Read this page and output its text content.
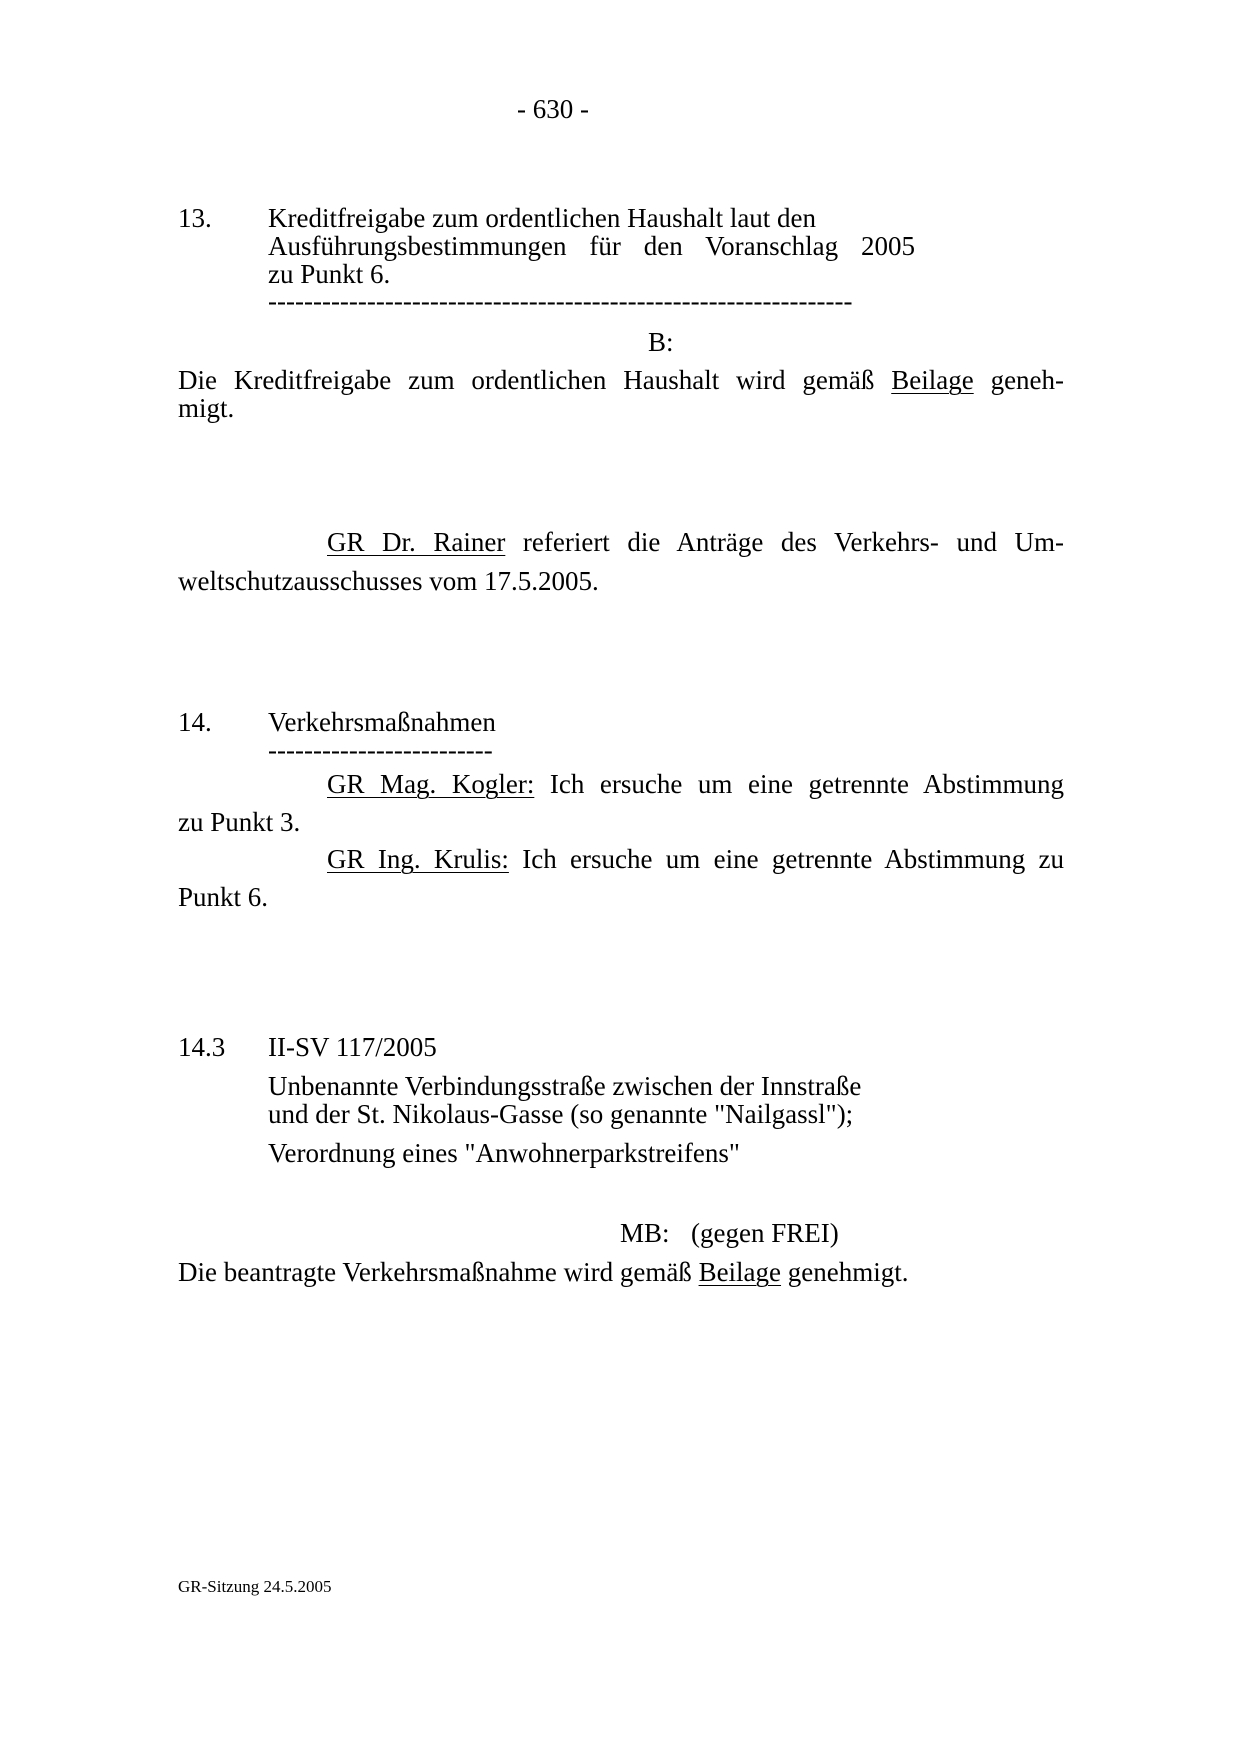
- 630 -
13. Kreditfreigabe zum ordentlichen Haushalt laut den
Ausführungsbestimmungen für den Voranschlag 2005
zu Punkt 6.
-----------------------------------------------------------------
B:
Die Kreditfreigabe zum ordentlichen Haushalt wird gemäß Beilage geneh-
migt.
GR Dr. Rainer referiert die Anträge des Verkehrs- und Um-
weltschutzausschusses vom 17.5.2005.
14. Verkehrsmaßnahmen
-------------------------
GR Mag. Kogler: Ich ersuche um eine getrennte Abstimmung
zu Punkt 3.
GR Ing. Krulis: Ich ersuche um eine getrennte Abstimmung zu
Punkt 6.
14.3 II-SV 117/2005
Unbenannte Verbindungsstraße zwischen der Innstraße
und der St. Nikolaus-Gasse (so genannte "Nailgassl");
Verordnung eines "Anwohnerparkstreifens"
MB: (gegen FREI)
Die beantragte Verkehrsmaßnahme wird gemäß Beilage genehmigt.
GR-Sitzung 24.5.2005
